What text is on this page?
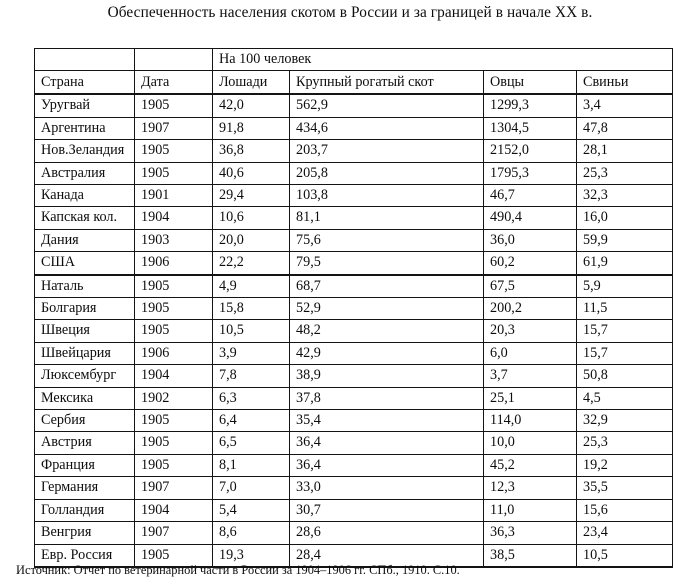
Обеспеченность населения скотом в России и за границей в начале XX в.
		На 100 человек			
Страна	Дата	Лошади	Крупный рогатый скот	Овцы	Свиньи
Уругвай	1905	42,0	562,9	1299,3	3,4
Аргентина	1907	91,8	434,6	1304,5	47,8
Нов.Зеландия	1905	36,8	203,7	2152,0	28,1
Австралия	1905	40,6	205,8	1795,3	25,3
Канада	1901	29,4	103,8	46,7	32,3
Капская кол.	1904	10,6	81,1	490,4	16,0
Дания	1903	20,0	75,6	36,0	59,9
США	1906	22,2	79,5	60,2	61,9
Наталь	1905	4,9	68,7	67,5	5,9
Болгария	1905	15,8	52,9	200,2	11,5
Швеция	1905	10,5	48,2	20,3	15,7
Швейцария	1906	3,9	42,9	6,0	15,7
Люксембург	1904	7,8	38,9	3,7	50,8
Мексика	1902	6,3	37,8	25,1	4,5
Сербия	1905	6,4	35,4	114,0	32,9
Австрия	1905	6,5	36,4	10,0	25,3
Франция	1905	8,1	36,4	45,2	19,2
Германия	1907	7,0	33,0	12,3	35,5
Голландия	1904	5,4	30,7	11,0	15,6
Венгрия	1907	8,6	28,6	36,3	23,4
Евр. Россия	1905	19,3	28,4	38,5	10,5
Источник: Отчет по ветеринарной части в России за 1904–1906 гг. СПб., 1910. С.10.
